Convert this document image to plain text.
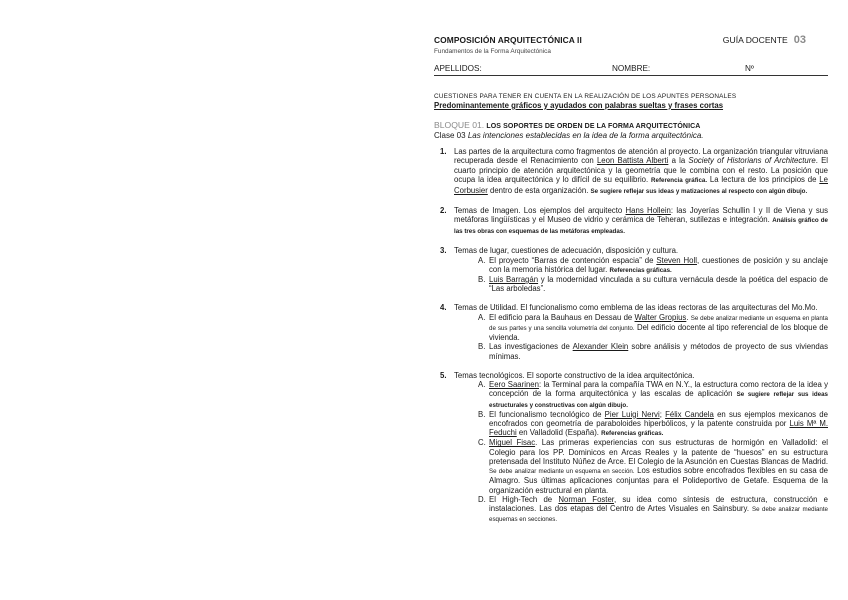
COMPOSICIÓN ARQUITECTÓNICA II	GUÍA DOCENTE 03
Fundamentos de la Forma Arquitectónica
APELLIDOS:	NOMBRE:	Nº
CUESTIONES PARA TENER EN CUENTA EN LA REALIZACIÓN DE LOS APUNTES PERSONALES
Predominantemente gráficos y ayudados con palabras sueltas y frases cortas
BLOQUE 01. LOS SOPORTES DE ORDEN DE LA FORMA ARQUITECTÓNICA
Clase 03 Las intenciones establecidas en la idea de la forma arquitectónica.
1. Las partes de la arquitectura como fragmentos de atención al proyecto. La organización triangular vitruviana recuperada desde el Renacimiento con Leon Battista Alberti a la Society of Historians of Architecture. El cuarto principio de atención arquitectónica y la geometría que le combina con el resto. La posición que ocupa la idea arquitectónica y lo difícil de su equilibrio. Referencia gráfica. La lectura de los principios de Le Corbusier dentro de esta organización. Se sugiere reflejar sus ideas y matizaciones al respecto con algún dibujo.
2. Temas de Imagen. Los ejemplos del arquitecto Hans Hollein: las Joyerías Schullin I y II de Viena y sus metáforas lingüísticas y el Museo de vidrio y cerámica de Teheran, sutilezas e integración. Análisis gráfico de las tres obras con esquemas de las metáforas empleadas.
3. Temas de lugar, cuestiones de adecuación, disposición y cultura.
A. El proyecto “Barras de contención espacia” de Steven Holl, cuestiones de posición y su anclaje con la memoria histórica del lugar. Referencias gráficas.
B. Luis Barragán y la modernidad vinculada a su cultura vernácula desde la poética del espacio de “Las arboledas”.
4. Temas de Utilidad. El funcionalismo como emblema de las ideas rectoras de las arquitecturas del Mo.Mo.
A. El edificio para la Bauhaus en Dessau de Walter Gropius. Se debe analizar mediante un esquema en planta de sus partes y una sencilla volumetría del conjunto. Del edificio docente al tipo referencial de los bloque de vivienda.
B. Las investigaciones de Alexander Klein sobre análisis y métodos de proyecto de sus viviendas mínimas.
5. Temas tecnológicos. El soporte constructivo de la idea arquitectónica.
A. Eero Saarinen: la Terminal para la compañía TWA en N.Y., la estructura como rectora de la idea y concepción de la forma arquitectónica y las escalas de aplicación Se sugiere reflejar sus ideas estructurales y constructivas con algún dibujo.
B. El funcionalismo tecnológico de Pier Luigi Nervi; Félix Candela en sus ejemplos mexicanos de encofrados con geometría de paraboloides hiperbólicos, y la patente construida por Luis Mª M. Feduchi en Valladolid (España). Referencias gráficas.
C. Miguel Fisac. Las primeras experiencias con sus estructuras de hormigón en Valladolid: el Colegio para los PP. Dominicos en Arcas Reales y la patente de “huesos” en su estructura pretensada del Instituto Núñez de Arce. El Colegio de la Asunción en Cuestas Blancas de Madrid. Se debe analizar mediante un esquema en sección. Los estudios sobre encofrados flexibles en su casa de Almagro. Sus últimas aplicaciones conjuntas para el Polideportivo de Getafe. Esquema de la organización estructural en planta.
D. El High-Tech de Norman Foster, su idea como síntesis de estructura, construcción e instalaciones. Las dos etapas del Centro de Artes Visuales en Sainsbury. Se debe analizar mediante esquemas en secciones.
